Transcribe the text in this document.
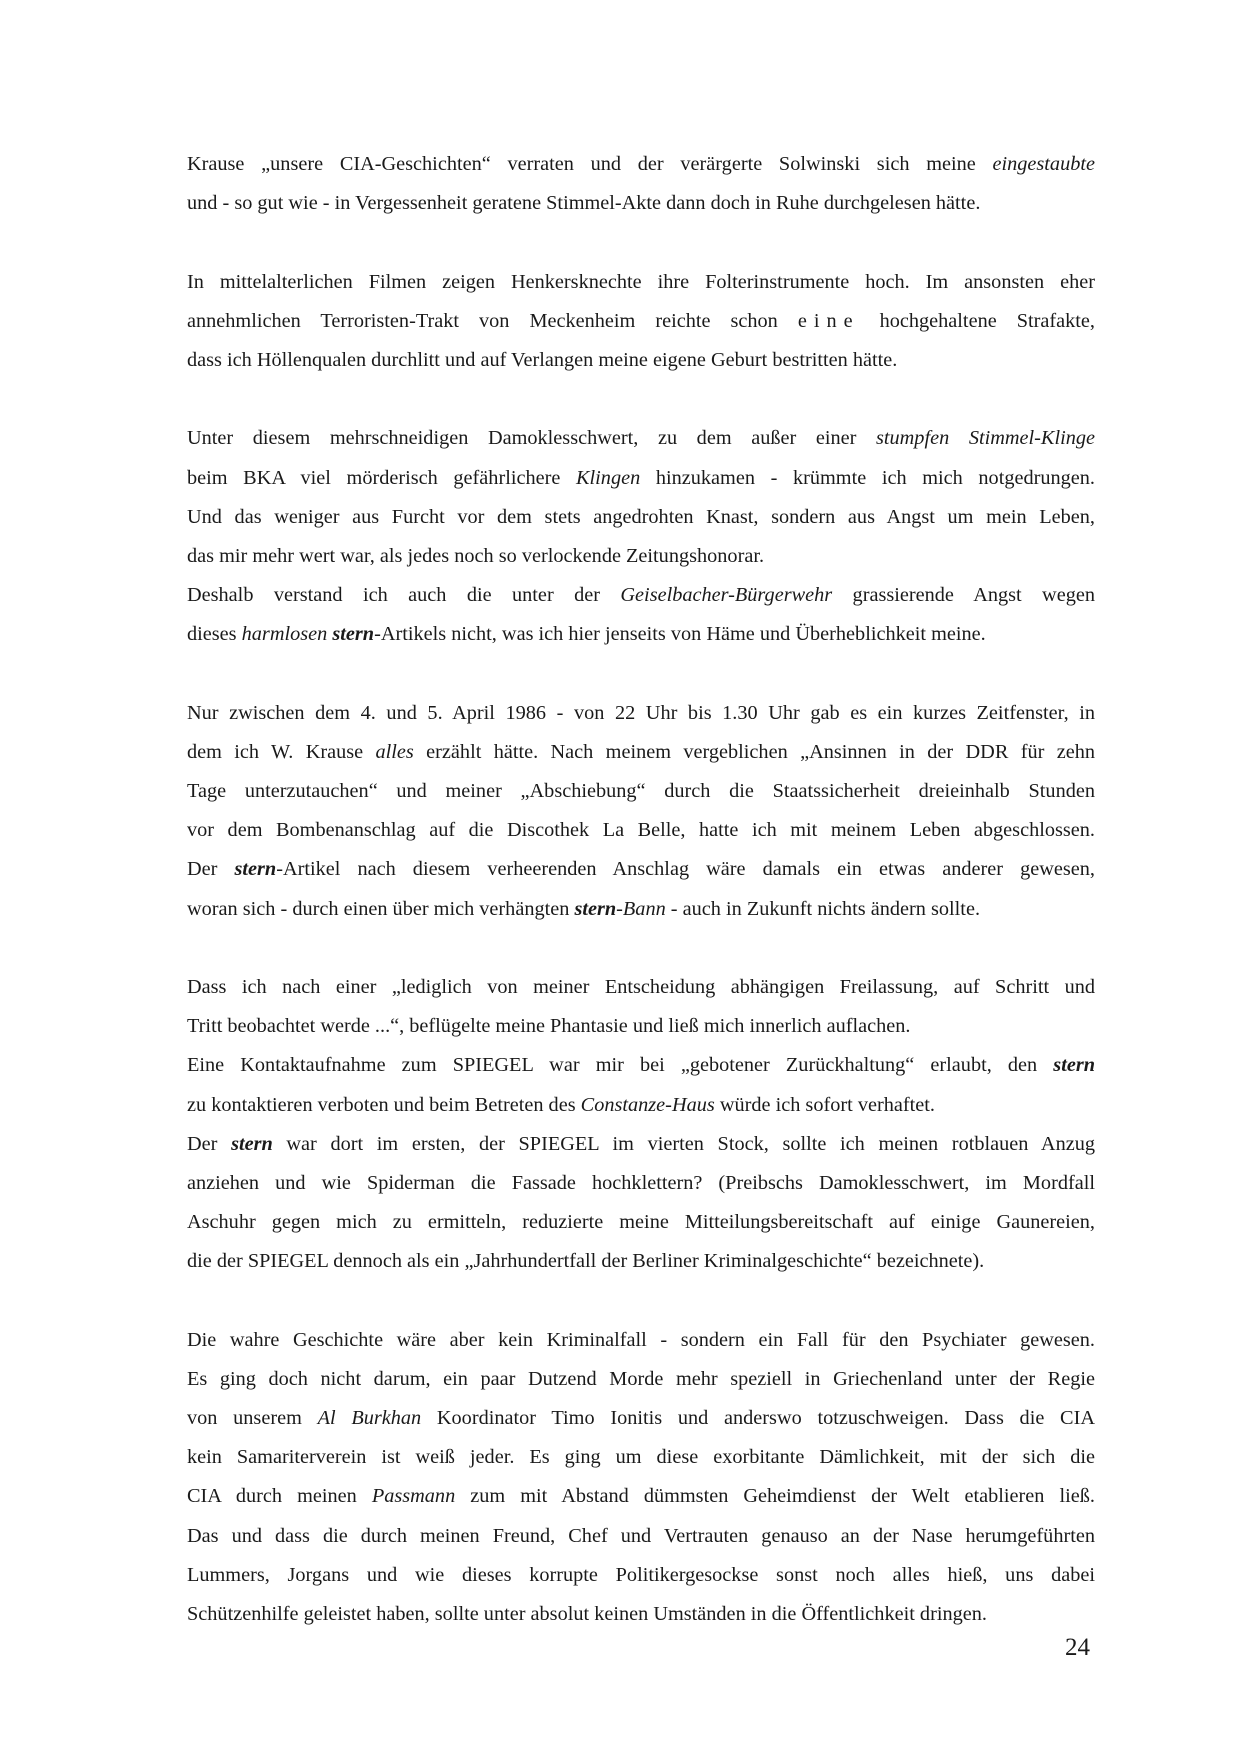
Krause „unsere CIA-Geschichten“ verraten und der verärgerte Solwinski sich meine eingestaubte
und - so gut wie - in Vergessenheit geratene Stimmel-Akte dann doch in Ruhe durchgelesen hätte.
In mittelalterlichen Filmen zeigen Henkersknechte ihre Folterinstrumente hoch. Im ansonsten eher
annehmlichen Terroristen-Trakt von Meckenheim reichte schon eine hochgehaltene Strafakte,
dass ich Höllenqualen durchlitt und auf Verlangen meine eigene Geburt bestritten hätte.
Unter diesem mehrschneidigen Damoklesschwert, zu dem außer einer stumpfen Stimmel-Klinge
beim BKA viel mörderisch gefährlichere Klingen hinzukamen - krümmte ich mich notgedrungen.
Und das weniger aus Furcht vor dem stets angedrohten Knast, sondern aus Angst um mein Leben,
das mir mehr wert war, als jedes noch so verlockende Zeitungshonorar.
Deshalb verstand ich auch die unter der Geiselbacher-Bürgerwehr grassierende Angst wegen
dieses harmlosen stern-Artikels nicht, was ich hier jenseits von Häme und Überheblichkeit meine.
Nur zwischen dem 4. und 5. April 1986 - von 22 Uhr bis 1.30 Uhr gab es ein kurzes Zeitfenster, in
dem ich W. Krause alles erzählt hätte. Nach meinem vergeblichen „Ansinnen in der DDR für zehn
Tage unterzutauchen“ und meiner „Abschiebung“ durch die Staatssicherheit dreieinhalb Stunden
vor dem Bombenanschlag auf die Discothek La Belle, hatte ich mit meinem Leben abgeschlossen.
Der stern-Artikel nach diesem verheerenden Anschlag wäre damals ein etwas anderer gewesen,
woran sich - durch einen über mich verhängten stern-Bann - auch in Zukunft nichts ändern sollte.
Dass ich nach einer „lediglich von meiner Entscheidung abhängigen Freilassung, auf Schritt und
Tritt beobachtet werde ...“, beflügelte meine Phantasie und ließ mich innerlich auflachen.
Eine Kontaktaufnahme zum SPIEGEL war mir bei „gebotener Zurückhaltung“ erlaubt, den stern
zu kontaktieren verboten und beim Betreten des Constanze-Haus würde ich sofort verhaftet.
Der stern war dort im ersten, der SPIEGEL im vierten Stock, sollte ich meinen rotblauen Anzug
anziehen und wie Spiderman die Fassade hochklettern? (Preibschs Damoklesschwert, im Mordfall
Aschuhr gegen mich zu ermitteln, reduzierte meine Mitteilungsbereitschaft auf einige Gaunereien,
die der SPIEGEL dennoch als ein „Jahrhundertfall der Berliner Kriminalgeschichte“ bezeichnete).
Die wahre Geschichte wäre aber kein Kriminalfall - sondern ein Fall für den Psychiater gewesen.
Es ging doch nicht darum, ein paar Dutzend Morde mehr speziell in Griechenland unter der Regie
von unserem Al Burkhan Koordinator Timo Ionitis und anderswo totzuschweigen. Dass die CIA
kein Samariterverein ist weiß jeder. Es ging um diese exorbitante Dämlichkeit, mit der sich die
CIA durch meinen Passmann zum mit Abstand dümmsten Geheimdienst der Welt etablieren ließ.
Das und dass die durch meinen Freund, Chef und Vertrauten genauso an der Nase herumgeführten
Lummers, Jorgans und wie dieses korrupte Politikergesockse sonst noch alles hieß, uns dabei
Schützenhilfe geleistet haben, sollte unter absolut keinen Umständen in die Öffentlichkeit dringen.
24
